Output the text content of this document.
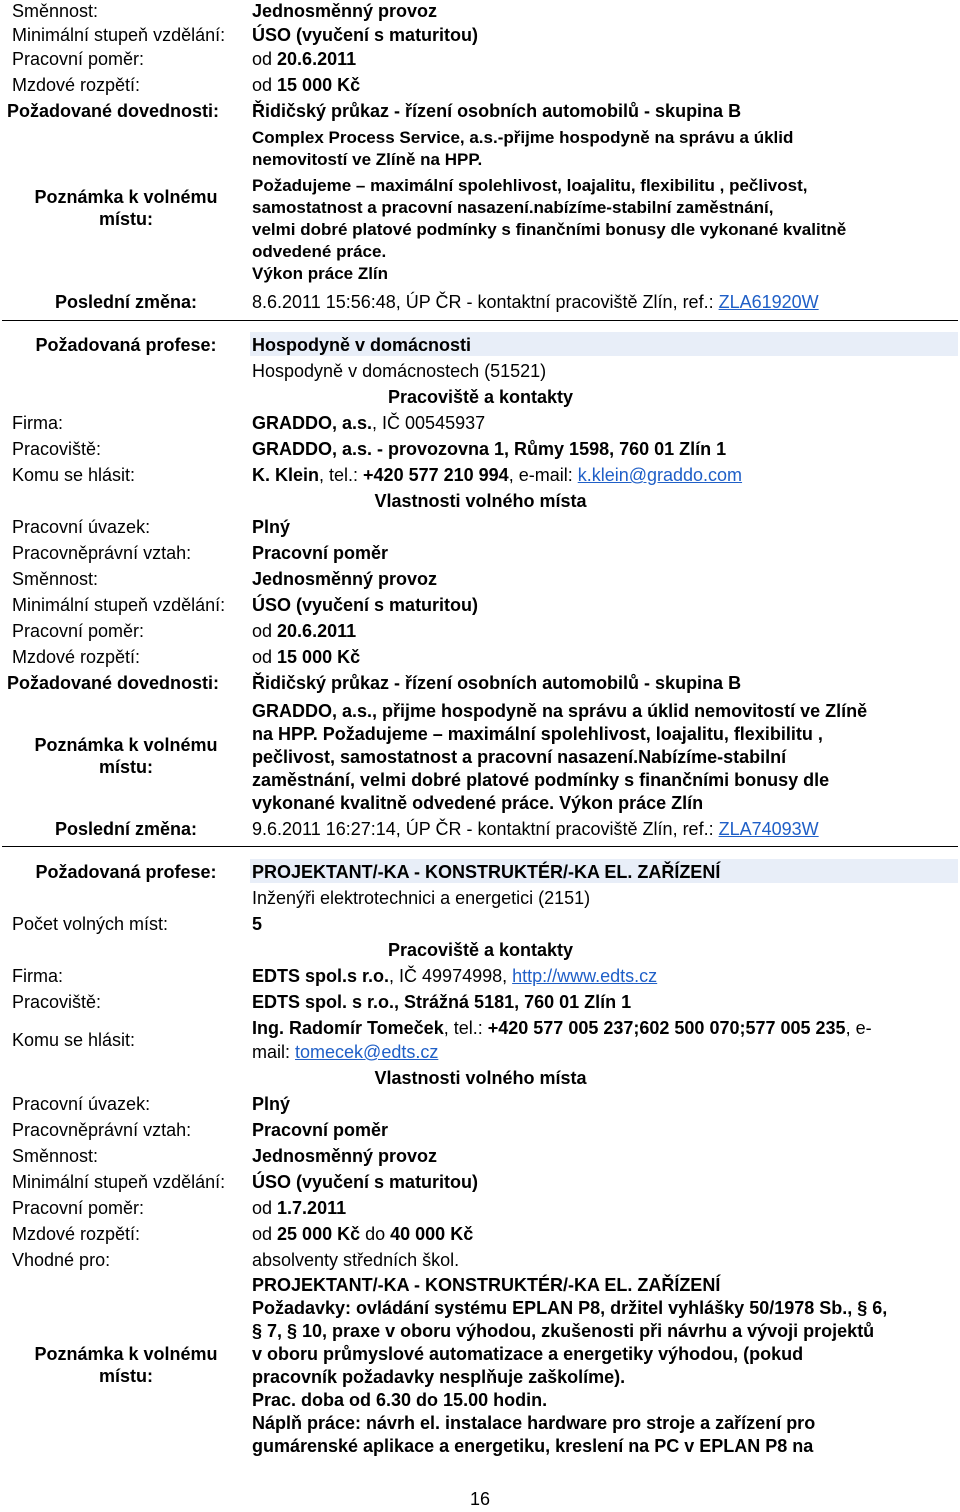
Směnnost:	Jednosměnný provoz
Minimální stupeň vzdělání: ÚSO (vyučení s maturitou)
Pracovní poměr:	od 20.6.2011
Mzdové rozpětí:	od 15 000 Kč
Požadované dovednosti: Řidičský průkaz - řízení osobních automobilů - skupina B
Poznámka k volnému
místu:
Complex Process Service, a.s.-přijme hospodyně na správu a úklid
nemovitostí ve Zlíně na HPP.
Požadujeme – maximální spolehlivost, loajalitu, flexibilitu , pečlivost,
samostatnost a pracovní nasazení.nabízíme-stabilní zaměstnání,
velmi dobré platové podmínky s finančními bonusy dle vykonané kvalitně
odvedené práce.
Výkon práce Zlín
Poslední změna:	8.6.2011 15:56:48, ÚP ČR - kontaktní pracoviště Zlín, ref.: ZLA61920W
Požadovaná profese:	Hospodyně v domácnosti
Hospodyně v domácnostech (51521)
Pracoviště a kontakty
Firma:	GRADDO, a.s., IČ 00545937
Pracoviště:	GRADDO, a.s. - provozovna 1, Růmy 1598, 760 01 Zlín 1
Komu se hlásit:	K. Klein, tel.: +420 577 210 994, e-mail: k.klein@graddo.com
Vlastnosti volného místa
Pracovní úvazek:	Plný
Pracovněprávní vztah:	Pracovní poměr
Směnnost:	Jednosměnný provoz
Minimální stupeň vzdělání: ÚSO (vyučení s maturitou)
Pracovní poměr:	od 20.6.2011
Mzdové rozpětí:	od 15 000 Kč
Požadované dovednosti: Řidičský průkaz - řízení osobních automobilů - skupina B
Poznámka k volnému
místu:
GRADDO, a.s., přijme hospodyně na správu a úklid nemovitostí ve Zlíně
na HPP. Požadujeme – maximální spolehlivost, loajalitu, flexibilitu ,
pečlivost, samostatnost a pracovní nasazení.Nabízíme-stabilní
zaměstnání, velmi dobré platové podmínky s finančními bonusy dle
vykonané kvalitně odvedené práce. Výkon práce Zlín
Poslední změna:	9.6.2011 16:27:14, ÚP ČR - kontaktní pracoviště Zlín, ref.: ZLA74093W
Požadovaná profese:	PROJEKTANT/-KA - KONSTRUKTÉR/-KA EL. ZAŘÍZENÍ
Inženýři elektrotechnici a energetici (2151)
Počet volných míst:	5
Pracoviště a kontakty
Firma:	EDTS spol.s r.o., IČ 49974998, http://www.edts.cz
Pracoviště:	EDTS spol. s r.o., Strážná 5181, 760 01 Zlín 1
Komu se hlásit:
Ing. Radomír Tomeček, tel.: +420 577 005 237;602 500 070;577 005 235, e-
mail: tomecek@edts.cz
Vlastnosti volného místa
Pracovní úvazek:	Plný
Pracovněprávní vztah:	Pracovní poměr
Směnnost:	Jednosměnný provoz
Minimální stupeň vzdělání: ÚSO (vyučení s maturitou)
Pracovní poměr:	od 1.7.2011
Mzdové rozpětí:	od 25 000 Kč do 40 000 Kč
Vhodné pro:	absolventy středních škol.
Poznámka k volnému
místu:
PROJEKTANT/-KA - KONSTRUKTÉR/-KA EL. ZAŘÍZENÍ
Požadavky: ovládání systému EPLAN P8, držitel vyhlášky 50/1978 Sb., § 6,
§ 7, § 10, praxe v oboru výhodou, zkušenosti při návrhu a vývoji projektů
v oboru průmyslové automatizace a energetiky výhodou, (pokud
pracovník požadavky nesplňuje zaškolíme).
Prac. doba od 6.30 do 15.00 hodin.
Náplň práce: návrh el. instalace hardware pro stroje a zařízení pro
gumárenské aplikace a energetiku, kreslení na PC v EPLAN P8 na
16
